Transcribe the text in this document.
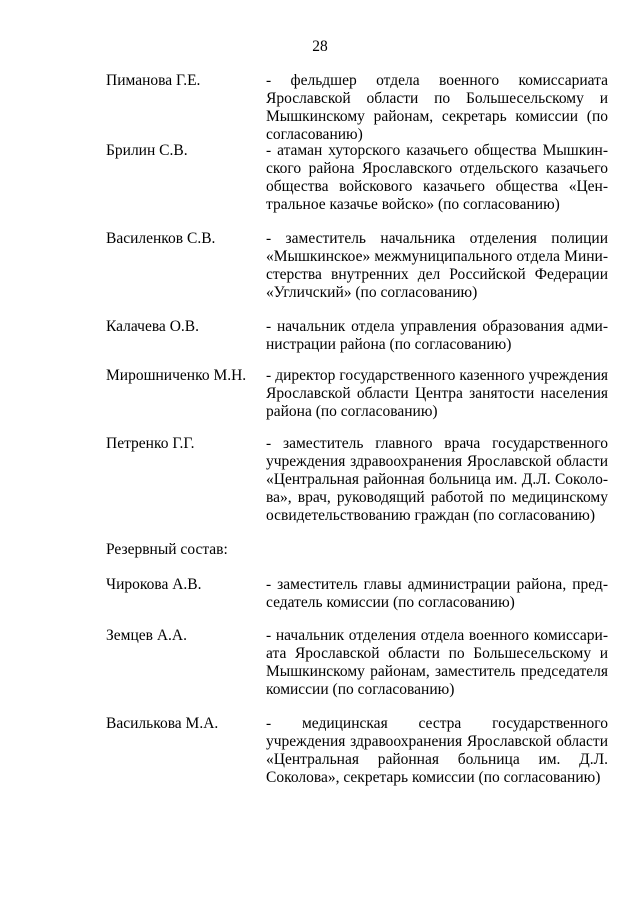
28
Пиманова Г.Е.	- фельдшер отдела военного комиссариата Ярославской области по Большесельскому и Мышкинскому районам, секретарь комиссии (по согласованию)
Брилин С.В.	- атаман хуторского казачьего общества Мышкинского района Ярославского отдельского казачьего общества войскового казачьего общества «Центральное казачье войско» (по согласованию)
Василенков С.В.	- заместитель начальника отделения полиции «Мышкинское» межмуниципального отдела Министерства внутренних дел Российской Федерации «Угличский» (по согласованию)
Калачева О.В.	- начальник отдела управления образования администрации района (по согласованию)
Мирошниченко М.Н. - директор государственного казенного учреждения Ярославской области Центра занятости населения района (по согласованию)
Петренко Г.Г.	- заместитель главного врача государственного учреждения здравоохранения Ярославской области «Центральная районная больница им. Д.Л. Соколова», врач, руководящий работой по медицинскому освидетельствованию граждан (по согласованию)
Резервный состав:
Чирокова А.В.	- заместитель главы администрации района, председатель комиссии (по согласованию)
Земцев А.А.	- начальник отделения отдела военного комиссариата Ярославской области по Большесельскому и Мышкинскому районам, заместитель председателя комиссии (по согласованию)
Василькова М.А.	- медицинская сестра государственного учреждения здравоохранения Ярославской области «Центральная районная больница им. Д.Л. Соколова», секретарь комиссии (по согласованию)
